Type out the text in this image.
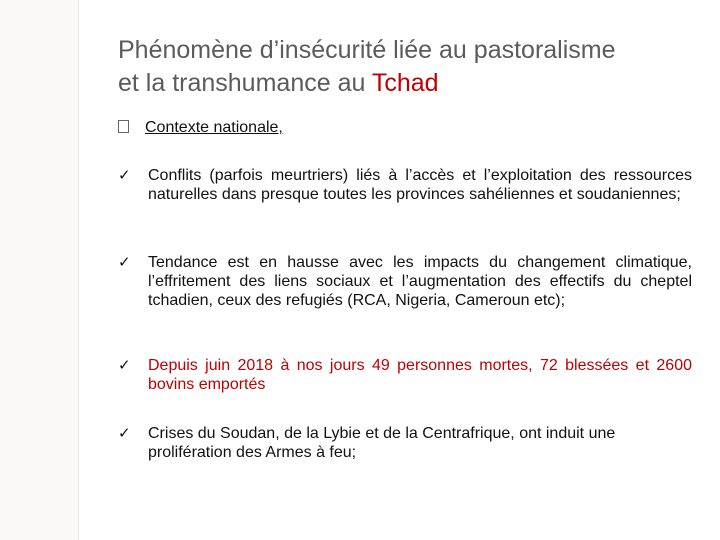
Phénomène d’insécurité liée au pastoralisme
et la transhumance au Tchad
Contexte nationale,
✓ Conflits (parfois meurtriers) liés à l’accès et l’exploitation des ressources naturelles dans presque toutes les provinces sahéliennes et soudaniennes;
✓ Tendance est en hausse avec les impacts du changement climatique, l’effritement des liens sociaux et l’augmentation des effectifs du cheptel tchadien, ceux des refugiés (RCA, Nigeria, Cameroun etc);
✓ Depuis juin 2018 à nos jours 49 personnes mortes, 72 blessées et 2600 bovins emportés
✓ Crises du Soudan, de la Lybie et de la Centrafrique, ont induit une prolifération des Armes à feu;
